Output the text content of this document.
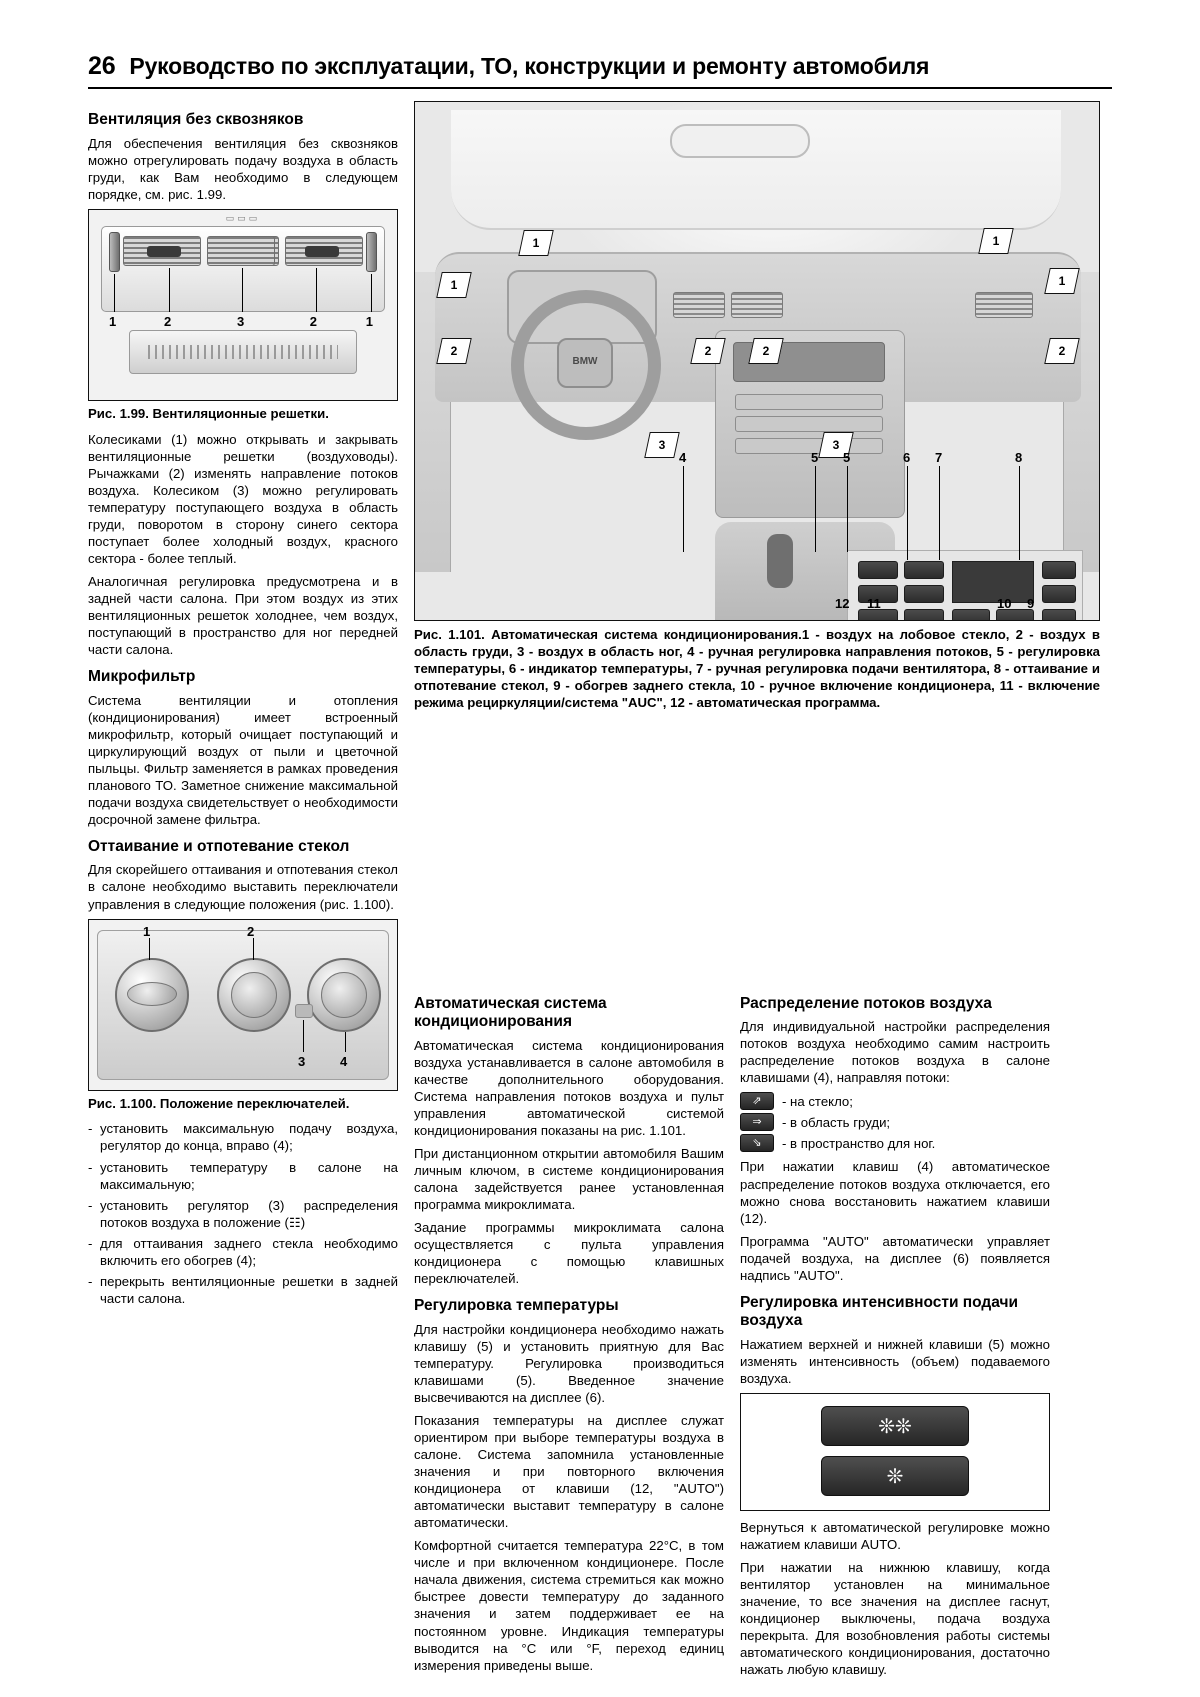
26 Руководство по эксплуатации, ТО, конструкции и ремонту автомобиля
Вентиляция без сквозняков

Для обеспечения вентиляция без сквозняков можно отрегулировать подачу воздуха в область груди, как Вам необходимо в следующем порядке, см. рис. 1.99.

▭▭▭
1	2	3	2	1
Рис. 1.99. Вентиляционные решетки.

Колесиками (1) можно открывать и закрывать вентиляционные решетки (воздуховоды). Рычажками (2) изменять направление потоков воздуха. Колесиком (3) можно регулировать температуру поступающего воздуха в область груди, поворотом в сторону синего сектора поступает более холодный воздух, красного сектора - более теплый.

Аналогичная регулировка предусмотрена и в задней части салона. При этом воздух из этих вентиляционных решеток холоднее, чем воздух, поступающий в пространство для ног передней части салона.

Микрофильтр

Система вентиляции и отопления (кондиционирования) имеет встроенный микрофильтр, который очищает поступающий и циркулирующий воздух от пыли и цветочной пыльцы. Фильтр заменяется в рамках проведения планового ТО. Заметное снижение максимальной подачи воздуха свидетельствует о необходимости досрочной замене фильтра.

Оттаивание и отпотевание стекол

Для скорейшего оттаивания и отпотевания стекол в салоне необходимо выставить переключатели управления в следующие положения (рис. 1.100).

1	2
3	4
Рис. 1.100. Положение переключателей.
- установить максимальную подачу воздуха, регулятор до конца, вправо (4);
- установить температуру в салоне на максимальную;
- установить регулятор (3) распределения потоков воздуха в положение (☷)
- для оттаивания заднего стекла необходимо включить его обогрев (4);
- перекрыть вентиляционные решетки в задней части салона.
BMW
1
1
1
1
2	2	2	2
3	3
4	5 5	6 7	8
9
10
11
12
Рис. 1.101. Автоматическая система кондиционирования.1 - воздух на лобовое стекло, 2 - воздух в область груди, 3 - воздух в область ног, 4 - ручная регулировка направления потоков, 5 - регулировка температуры, 6 - индикатор температуры, 7 - ручная регулировка подачи вентилятора, 8 - оттаивание и отпотевание стекол, 9 - обогрев заднего стекла, 10 - ручное включение кондиционера, 11 - включение режима рециркуляции/система "AUC", 12 - автоматическая программа.
Автоматическая система кондиционирования

Автоматическая система кондиционирования воздуха устанавливается в салоне автомобиля в качестве дополнительного оборудования. Система направления потоков воздуха и пульт управления автоматической системой кондиционирования показаны на рис. 1.101.

При дистанционном открытии автомобиля Вашим личным ключом, в системе кондиционирования салона задействуется ранее установленная программа микроклимата.

Задание программы микроклимата салона осуществляется с пульта управления кондиционера с помощью клавишных переключателей.

Регулировка температуры

Для настройки кондиционера необходимо нажать клавишу (5) и установить приятную для Вас температуру. Регулировка производиться клавишами (5). Введенное значение высвечиваются на дисплее (6).

Показания температуры на дисплее служат ориентиром при выборе температуры воздуха в салоне. Система запомнила установленные значения и при повторного включения кондиционера от клавиши (12, "AUTO") автоматически выставит температуру в салоне автоматически.

Комфортной считается температура 22°С, в том числе и при включенном кондиционере. После начала движения, система стремиться как можно быстрее довести температуру до заданного значения и затем поддерживает ее на постоянном уровне. Индикация температуры выводится на °C или °F, переход единиц измерения приведены выше.

Распределение потоков воздуха

Для индивидуальной настройки распределения потоков воздуха необходимо самим настроить распределение потоков воздуха в салоне клавишами (4), направляя потоки:

⇗	- на стекло;
⇒	- в область груди;
⇘	- в пространство для ног.

При нажатии клавиш (4) автоматическое распределение потоков воздуха отключается, его можно снова восстановить нажатием клавиши (12).

Программа "AUTO" автоматически управляет подачей воздуха, на дисплее (6) появляется надпись "AUTO".

Регулировка интенсивности подачи воздуха

Нажатием верхней и нижней клавиши (5) можно изменять интенсивность (объем) подаваемого воздуха.

❊❊
❊

Вернуться к автоматической регулировке можно нажатием клавиши AUTO.

При нажатии на нижнюю клавишу, когда вентилятор установлен на минимальное значение, то все значения на дисплее гаснут, кондиционер выключены, подача воздуха перекрыта. Для возобновления работы системы автоматического кондиционирования, достаточно нажать любую клавишу.
